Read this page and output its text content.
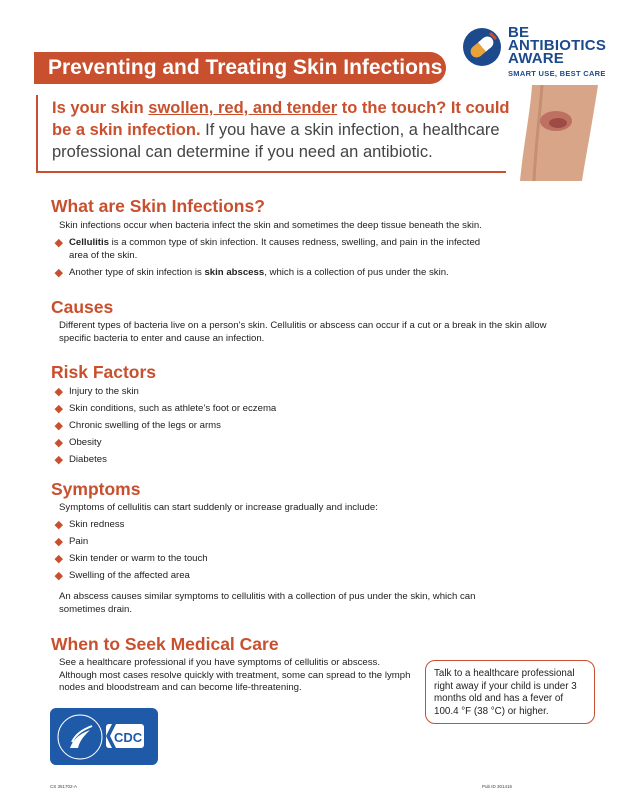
Preventing and Treating Skin Infections
BE
ANTIBIOTICS
AWARE
SMART USE, BEST CARE

Is your skin swollen, red, and tender to the touch? It could be a skin infection. If you have a skin infection, a healthcare professional can determine if you need an antibiotic.

What are Skin Infections?

Skin infections occur when bacteria infect the skin and sometimes the deep tissue beneath the skin.

Cellulitis is a common type of skin infection. It causes redness, swelling, and pain in the infected area of the skin.
Another type of skin infection is skin abscess, which is a collection of pus under the skin.
Causes

Different types of bacteria live on a person’s skin. Cellulitis or abscess can occur if a cut or a break in the skin allow specific bacteria to enter and cause an infection.

Risk Factors
Injury to the skin
Skin conditions, such as athlete’s foot or eczema
Chronic swelling of the legs or arms
Obesity
Diabetes
Symptoms

Symptoms of cellulitis can start suddenly or increase gradually and include:

Skin redness
Pain
Skin tender or warm to the touch
Swelling of the affected area

An abscess causes similar symptoms to cellulitis with a collection of pus under the skin, which can sometimes drain.

When to Seek Medical Care

See a healthcare professional if you have symptoms of cellulitis or abscess. Although most cases resolve quickly with treatment, some can spread to the lymph nodes and bloodstream and can become life-threatening.

Talk to a healthcare professional right away if your child is under 3 months old and has a fever of 100.4 °F (38 °C) or higher.

CDC
CS 351702-A	Pub ID 301416
